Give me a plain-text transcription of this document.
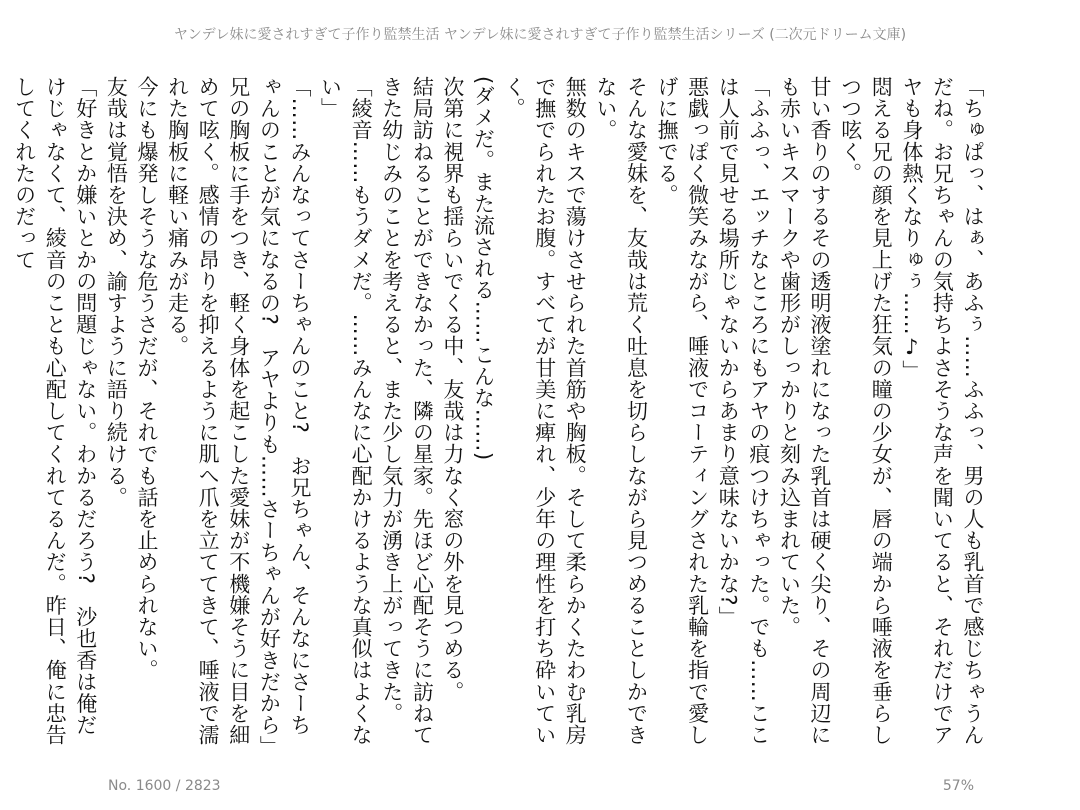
ヤンデレ妹に愛されすぎて子作り監禁生活 ヤンデレ妹に愛されすぎて子作り監禁生活シリーズ (二次元ドリーム文庫)

「ちゅぱっ、はぁ、あふぅ……ふふっ、男の人も乳首で感じちゃうんだね。お兄ちゃんの気持ちよさそうな声を聞いてると、それだけでアヤも身体熱くなりゅぅ……♪」

悶える兄の顔を見上げた狂気の瞳の少女が、唇の端から唾液を垂らしつつ呟く。

甘い香りのするその透明液塗れになった乳首は硬く尖り、その周辺にも赤いキスマークや歯形がしっかりと刻み込まれていた。

「ふふっ、エッチなところにもアヤの痕つけちゃった。でも……ここは人前で見せる場所じゃないからあまり意味ないかな?」

悪戯っぽく微笑みながら、唾液でコーティングされた乳輪を指で愛しげに撫でる。

そんな愛妹を、友哉は荒く吐息を切らしながら見つめることしかできない。

無数のキスで蕩けさせられた首筋や胸板。そして柔らかくたわむ乳房で撫でられたお腹。すべてが甘美に痺れ、少年の理性を打ち砕いていく。

(ダメだ。また流される……こんな……)

次第に視界も揺らいでくる中、友哉は力なく窓の外を見つめる。

結局訪ねることができなかった、隣の星家。先ほど心配そうに訪ねてきた幼じみのことを考えると、また少し気力が湧き上がってきた。

「綾音……もうダメだ。……みんなに心配かけるような真似はよくない」

「……みんなってさーちゃんのこと?　お兄ちゃん、そんなにさーちゃんのことが気になるの?　アヤよりも……さーちゃんが好きだから」

兄の胸板に手をつき、軽く身体を起こした愛妹が不機嫌そうに目を細めて呟く。感情の昂りを抑えるように肌へ爪を立ててきて、唾液で濡れた胸板に軽い痛みが走る。

今にも爆発しそうな危うさだが、それでも話を止められない。

友哉は覚悟を決め、諭すように語り続ける。

「好きとか嫌いとかの問題じゃない。わかるだろう?　沙也香は俺だけじゃなくて、綾音のことも心配してくれてるんだ。昨日、俺に忠告してくれたのだって

No. 1600 / 2823	57%
